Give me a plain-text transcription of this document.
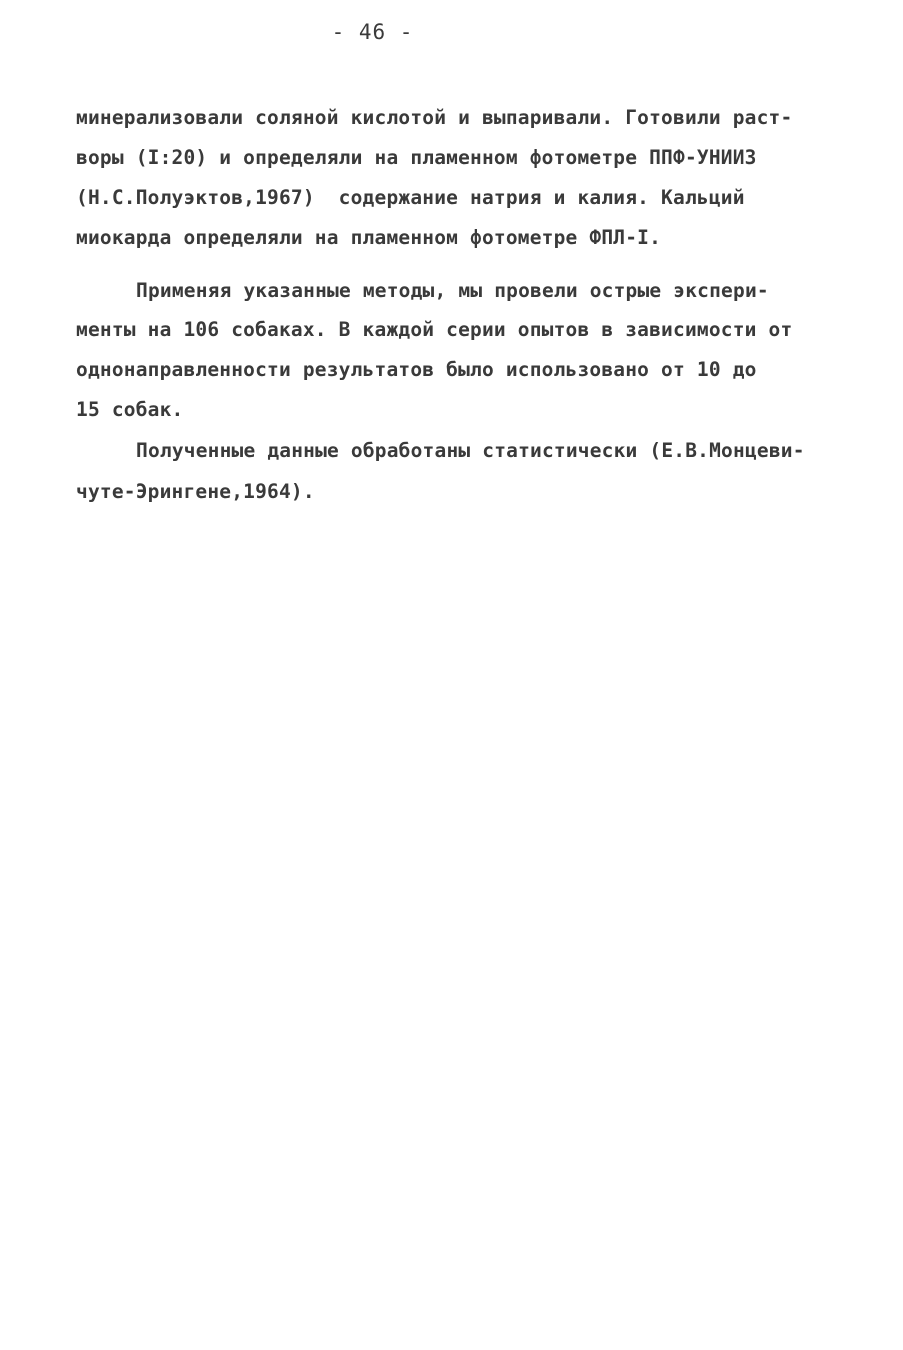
- 46 -
минерализовали соляной кислотой и выпаривали. Готовили раст-
воры (I:20) и определяли на пламенном фотометре ППФ-УНИИЗ
(Н.С.Полуэктов,1967)  содержание натрия и калия. Кальций
миокарда определяли на пламенном фотометре ФПЛ-I.
Применяя указанные методы, мы провели острые экспери-
менты на 106 собаках. В каждой серии опытов в зависимости от
однонаправленности результатов было использовано от 10 до
15 собак.
Полученные данные обработаны статистически (Е.В.Монцеви-
чуте-Эрингене,1964).
